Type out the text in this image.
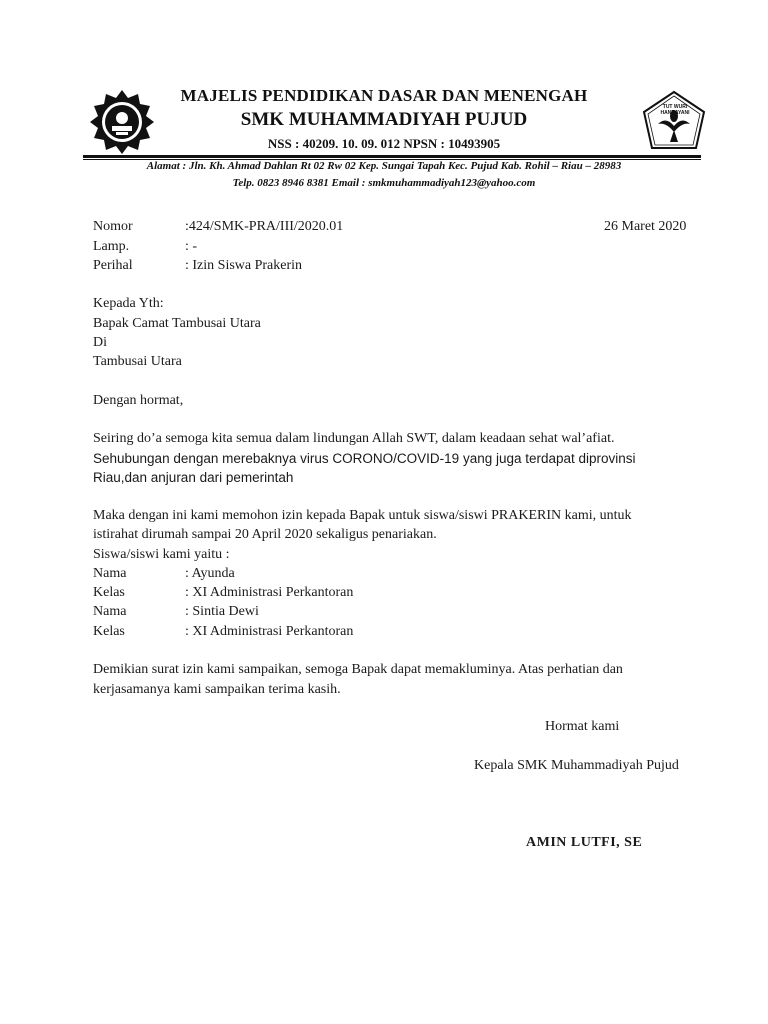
TUT WURI HANDAYANI
MAJELIS PENDIDIKAN DASAR DAN MENENGAH
SMK MUHAMMADIYAH PUJUD
NSS : 40209. 10. 09. 012 NPSN : 10493905
Alamat : Jln. Kh. Ahmad Dahlan Rt 02 Rw 02 Kep. Sungai Tapah Kec. Pujud Kab. Rohil – Riau – 28983
Telp. 0823 8946 8381 Email : smkmuhammadiyah123@yahoo.com
Nomor	:424/SMK-PRA/III/2020.01	26 Maret 2020
Lamp.	: -
Perihal	: Izin Siswa Prakerin
Kepada Yth:
Bapak Camat Tambusai Utara
Di
Tambusai Utara
Dengan hormat,
Seiring do’a semoga kita semua dalam lindungan Allah SWT, dalam keadaan sehat wal’afiat.
Sehubungan dengan merebaknya virus CORONO/COVID-19 yang juga terdapat diprovinsi
Riau,dan anjuran dari pemerintah
Maka dengan ini kami memohon izin kepada Bapak untuk siswa/siswi PRAKERIN kami, untuk
istirahat dirumah sampai 20 April 2020 sekaligus penariakan.
Siswa/siswi kami yaitu :
Nama	: Ayunda
Kelas	: XI Administrasi Perkantoran
Nama	: Sintia Dewi
Kelas	: XI Administrasi Perkantoran
Demikian surat izin kami sampaikan, semoga Bapak dapat memakluminya. Atas perhatian dan
kerjasamanya kami sampaikan terima kasih.
Hormat kami
Kepala SMK Muhammadiyah Pujud
AMIN LUTFI, SE
